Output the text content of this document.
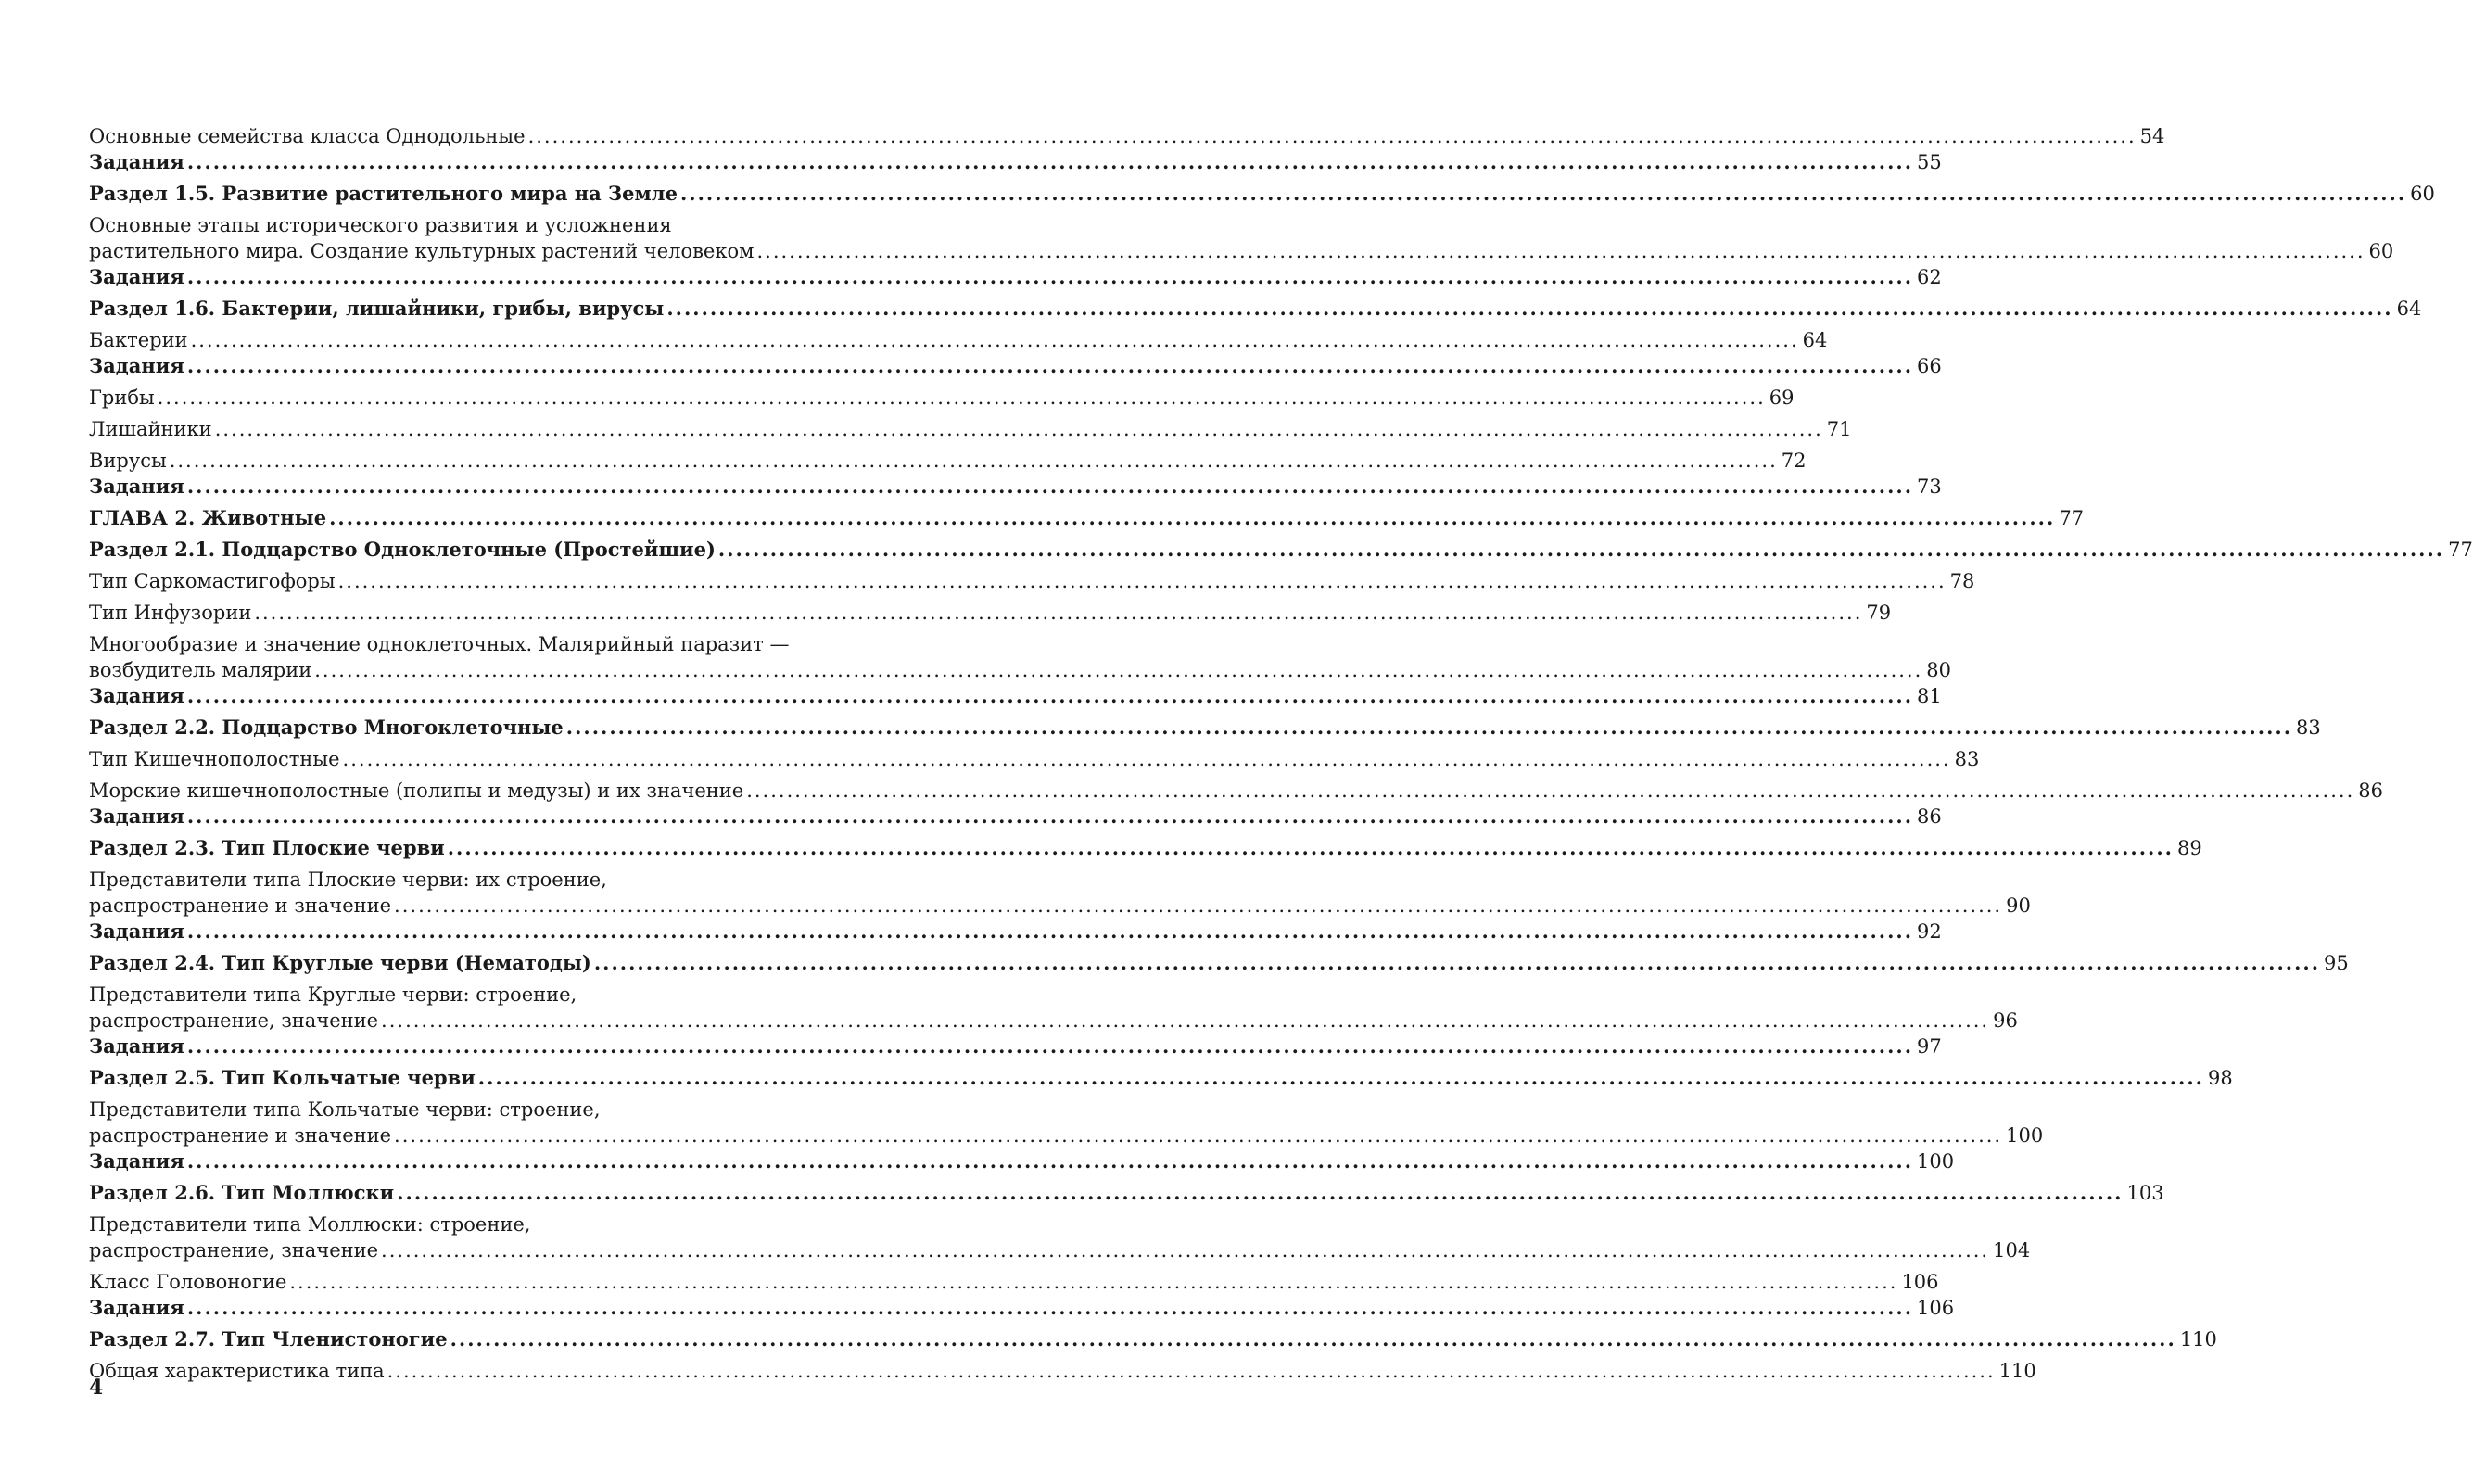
Основные семейства класса Однодольные ........................................................................................................................................................................................................ 54
Задания ........................................................................................................................................................................................................ 55
Раздел 1.5. Развитие растительного мира на Земле ........................................................................................................................................................................................................ 60
Основные этапы исторического развития и усложнения
растительного мира. Создание культурных растений человеком ........................................................................................................................................................................................................ 60
Задания ........................................................................................................................................................................................................ 62
Раздел 1.6. Бактерии, лишайники, грибы, вирусы ........................................................................................................................................................................................................ 64
Бактерии ........................................................................................................................................................................................................ 64
Задания ........................................................................................................................................................................................................ 66
Грибы ........................................................................................................................................................................................................ 69
Лишайники ........................................................................................................................................................................................................ 71
Вирусы ........................................................................................................................................................................................................ 72
Задания ........................................................................................................................................................................................................ 73
ГЛАВА 2. Животные ........................................................................................................................................................................................................ 77
Раздел 2.1. Подцарство Одноклеточные (Простейшие) ........................................................................................................................................................................................................ 77
Тип Саркомастигофоры ........................................................................................................................................................................................................ 78
Тип Инфузории ........................................................................................................................................................................................................ 79
Многообразие и значение одноклеточных. Малярийный паразит —
возбудитель малярии ........................................................................................................................................................................................................ 80
Задания ........................................................................................................................................................................................................ 81
Раздел 2.2. Подцарство Многоклеточные ........................................................................................................................................................................................................ 83
Тип Кишечнополостные ........................................................................................................................................................................................................ 83
Морские кишечнополостные (полипы и медузы) и их значение ........................................................................................................................................................................................................ 86
Задания ........................................................................................................................................................................................................ 86
Раздел 2.3. Тип Плоские черви ........................................................................................................................................................................................................ 89
Представители типа Плоские черви: их строение,
распространение и значение ........................................................................................................................................................................................................ 90
Задания ........................................................................................................................................................................................................ 92
Раздел 2.4. Тип Круглые черви (Нематоды) ........................................................................................................................................................................................................ 95
Представители типа Круглые черви: строение,
распространение, значение ........................................................................................................................................................................................................ 96
Задания ........................................................................................................................................................................................................ 97
Раздел 2.5. Тип Кольчатые черви ........................................................................................................................................................................................................ 98
Представители типа Кольчатые черви: строение,
распространение и значение ........................................................................................................................................................................................................ 100
Задания ........................................................................................................................................................................................................ 100
Раздел 2.6. Тип Моллюски ........................................................................................................................................................................................................ 103
Представители типа Моллюски: строение,
распространение, значение ........................................................................................................................................................................................................ 104
Класс Головоногие ........................................................................................................................................................................................................ 106
Задания ........................................................................................................................................................................................................ 106
Раздел 2.7. Тип Членистоногие ........................................................................................................................................................................................................ 110
Общая характеристика типа ........................................................................................................................................................................................................ 110
4
